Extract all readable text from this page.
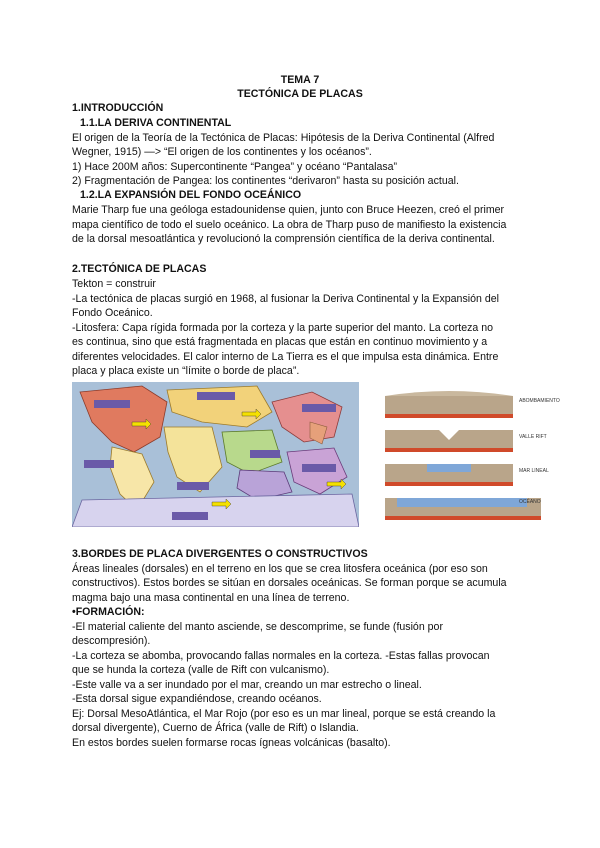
TEMA 7
TECTÓNICA DE PLACAS
1.INTRODUCCIÓN
1.1.LA DERIVA CONTINENTAL
El origen de la Teoría de la Tectónica de Placas: Hipótesis de la Deriva Continental (Alfred
Wegner, 1915) —> “El origen de los continentes y los océanos”.
1) Hace 200M años: Supercontinente “Pangea” y océano “Pantalasa”
2) Fragmentación de Pangea: los continentes “derivaron” hasta su posición actual.
1.2.LA EXPANSIÓN DEL FONDO OCEÁNICO
Marie Tharp fue una geóloga estadounidense quien, junto con Bruce Heezen, creó el primer
mapa científico de todo el suelo oceánico. La obra de Tharp puso de manifiesto la existencia
de la dorsal mesoatlántica y revolucionó la comprensión científica de la deriva continental.
2.TECTÓNICA DE PLACAS
Tekton = construir
-La tectónica de placas surgió en 1968, al fusionar la Deriva Continental y la Expansión del
Fondo Oceánico.
-Litosfera: Capa rígida formada por la corteza y la parte superior del manto. La corteza no
es continua, sino que está fragmentada en placas que están en continuo movimiento y a
diferentes velocidades. El calor interno de La Tierra es el que impulsa esta dinámica. Entre
placa y placa existe un “límite o borde de placa”.
ABOMBAMIENTO
VALLE RIFT
MAR LINEAL
OCÉANO
3.BORDES DE PLACA DIVERGENTES O CONSTRUCTIVOS
Áreas lineales (dorsales) en el terreno en los que se crea litosfera oceánica (por eso son
constructivos). Estos bordes se sitúan en dorsales oceánicas. Se forman porque se acumula
magma bajo una masa continental en una línea de terreno.
•FORMACIÓN:
-El material caliente del manto asciende, se descomprime, se funde (fusión por
descompresión).
-La corteza se abomba, provocando fallas normales en la corteza. -Estas fallas provocan
que se hunda la corteza (valle de Rift con vulcanismo).
-Este valle va a ser inundado por el mar, creando un mar estrecho o lineal.
-Esta dorsal sigue expandiéndose, creando océanos.
Ej: Dorsal MesoAtlántica, el Mar Rojo (por eso es un mar lineal, porque se está creando la
dorsal divergente), Cuerno de África (valle de Rift) o Islandia.
En estos bordes suelen formarse rocas ígneas volcánicas (basalto).
